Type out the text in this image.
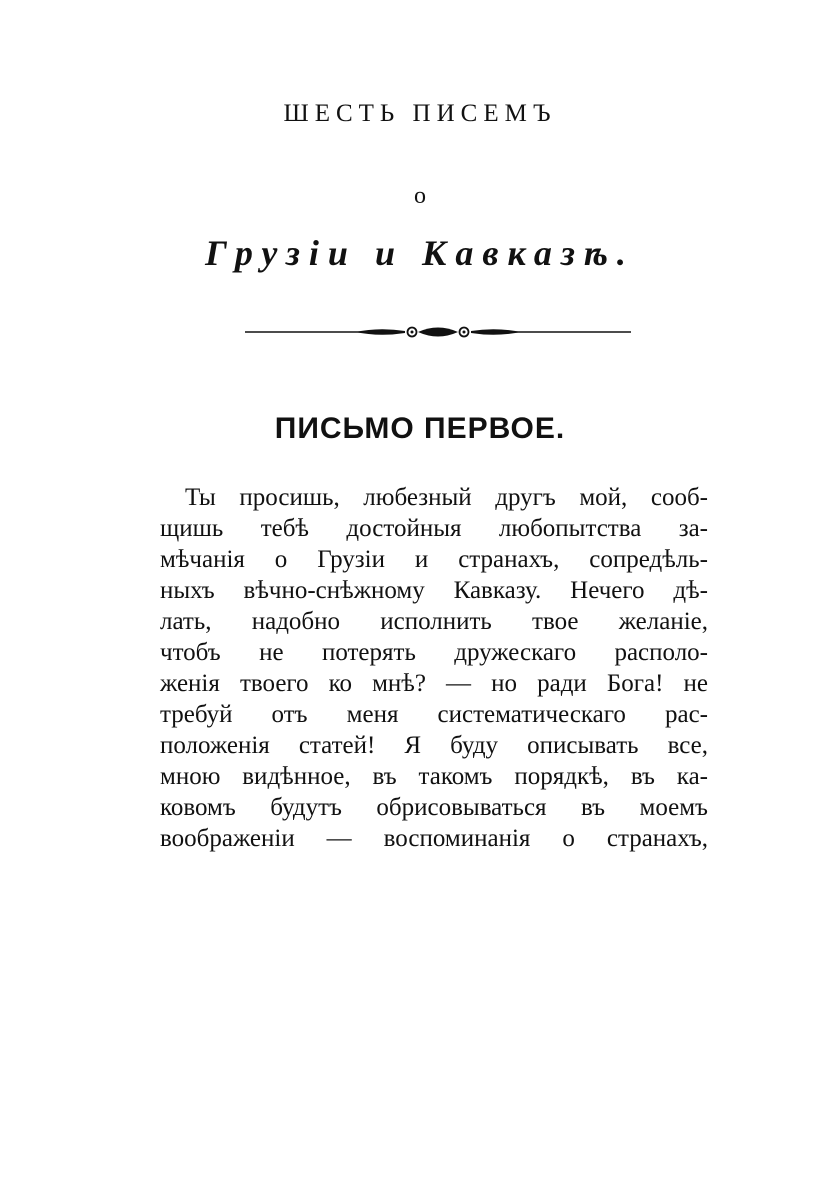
ШЕСТЬ ПИСЕМЪ
о
Грузіи и Кавказѣ.
ПИСЬМО ПЕРВОЕ.
Ты просишь, любезный другъ мой, сооб-
щишь тебѣ достойныя любопытства за-
мѣчанія о Грузіи и странахъ, сопредѣль-
ныхъ вѣчно-снѣжному Кавказу. Нечего дѣ-
лать, надобно исполнить твое желаніе,
чтобъ не потерять дружескаго располо-
женія твоего ко мнѣ? — но ради Бога! не
требуй отъ меня систематическаго рас-
положенія статей! Я буду описывать все,
мною видѣнное, въ такомъ порядкѣ, въ ка-
ковомъ будутъ обрисовываться въ моемъ
воображеніи — воспоминанія о странахъ,
